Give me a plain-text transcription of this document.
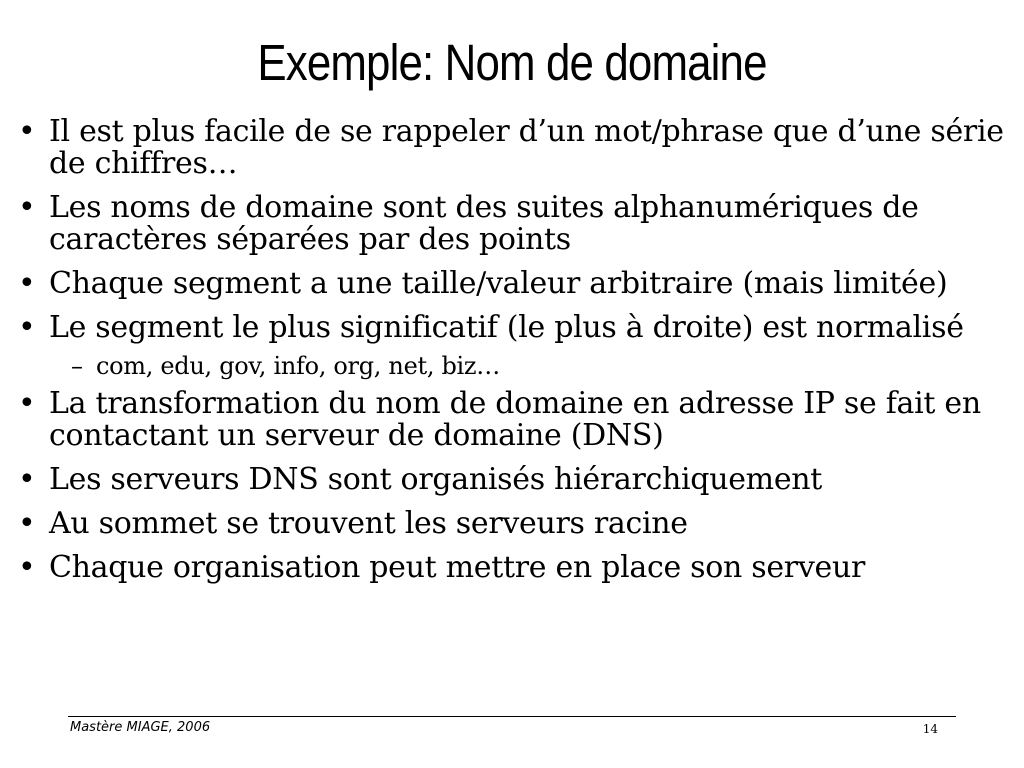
Exemple: Nom de domaine
• Il est plus facile de se rappeler d’un mot/phrase que d’une série de chiffres…
• Les noms de domaine sont des suites alphanumériques de caractères séparées par des points
• Chaque segment a une taille/valeur arbitraire (mais limitée)
• Le segment le plus significatif (le plus à droite) est normalisé
– com, edu, gov, info, org, net, biz…
• La transformation du nom de domaine en adresse IP se fait en contactant un serveur de domaine (DNS)
• Les serveurs DNS sont organisés hiérarchiquement
• Au sommet se trouvent les serveurs racine
• Chaque organisation peut mettre en place son serveur
Mastère MIAGE, 2006	14
